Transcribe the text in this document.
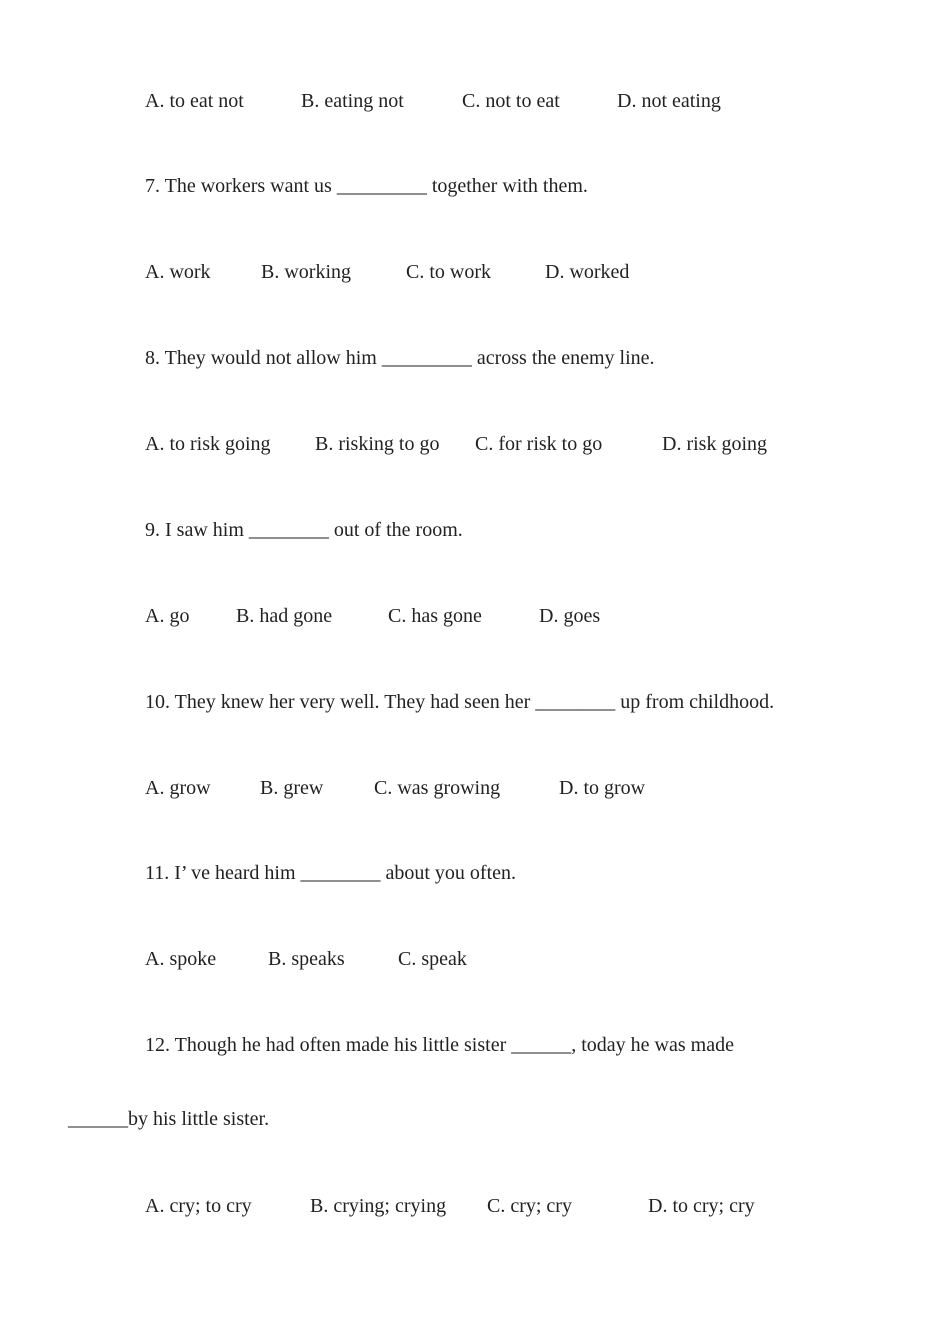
A. to eat not	B. eating not	C. not to eat	D. not eating
7. The workers want us _________ together with them.
A. work	B. working	C. to work	D. worked
8. They would not allow him _________ across the enemy line.
A. to risk going B. risking to go C. for risk to go	D. risk going
9. I saw him ________ out of the room.
A. go B. had gone	C. has gone	D. goes
10. They knew her very well. They had seen her ________ up from childhood.
A. grow B. grew	C. was growing	D. to grow
11. I’ ve heard him ________ about you often.
A. spoke	B. speaks	C. speak
12. Though he had often made his little sister ______, today he was made
______by his little sister.
A. cry; to cry	B. crying; crying C. cry; cry	D. to cry; cry
